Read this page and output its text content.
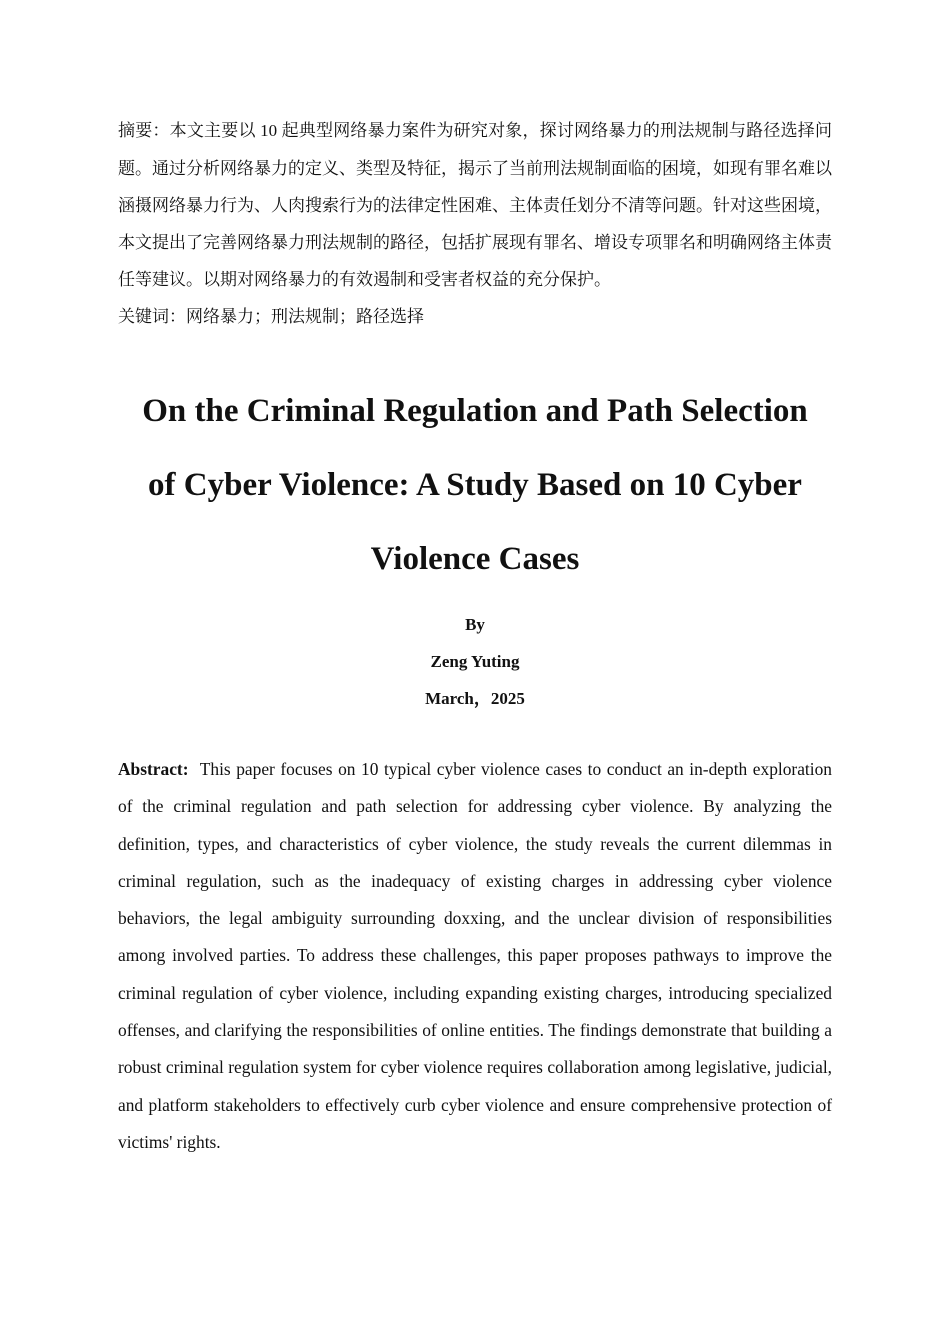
摘要：本文主要以 10 起典型网络暴力案件为研究对象，探讨网络暴力的刑法规制与路径选择问题。通过分析网络暴力的定义、类型及特征，揭示了当前刑法规制面临的困境，如现有罪名难以涵摄网络暴力行为、人肉搜索行为的法律定性困难、主体责任划分不清等问题。针对这些困境，本文提出了完善网络暴力刑法规制的路径，包括扩展现有罪名、增设专项罪名和明确网络主体责任等建议。以期对网络暴力的有效遏制和受害者权益的充分保护。

关键词：网络暴力；刑法规制；路径选择

On the Criminal Regulation and Path Selection
of Cyber Violence: A Study Based on 10 Cyber
Violence Cases
By
Zeng Yuting
March，2025

Abstract: This paper focuses on 10 typical cyber violence cases to conduct an in-depth exploration of the criminal regulation and path selection for addressing cyber violence. By analyzing the definition, types, and characteristics of cyber violence, the study reveals the current dilemmas in criminal regulation, such as the inadequacy of existing charges in addressing cyber violence behaviors, the legal ambiguity surrounding doxxing, and the unclear division of responsibilities among involved parties. To address these challenges, this paper proposes pathways to improve the criminal regulation of cyber violence, including expanding existing charges, introducing specialized offenses, and clarifying the responsibilities of online entities. The findings demonstrate that building a robust criminal regulation system for cyber violence requires collaboration among legislative, judicial, and platform stakeholders to effectively curb cyber violence and ensure comprehensive protection of victims' rights.
